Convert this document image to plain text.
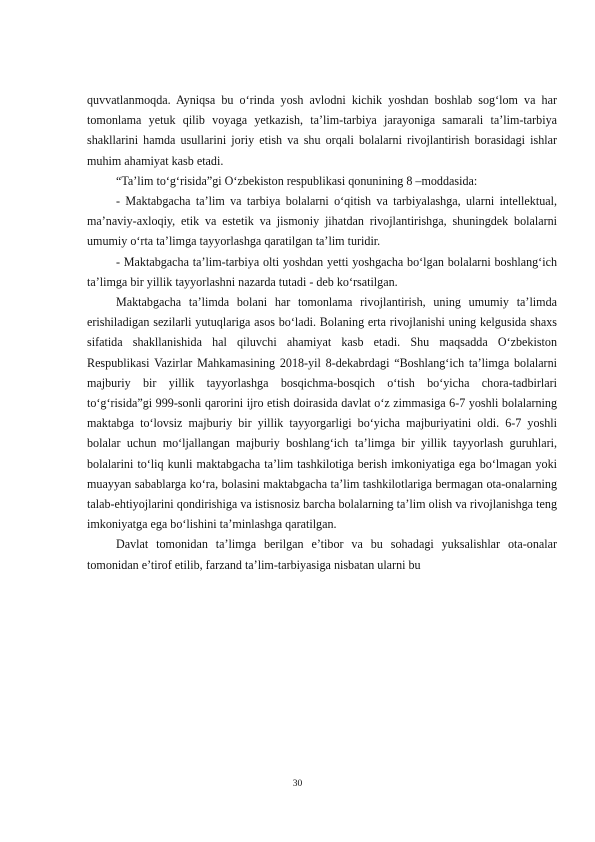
quvvatlanmoqda. Ayniqsa bu o‘rinda yosh avlodni kichik yoshdan boshlab sog‘lom va har tomonlama yetuk qilib voyaga yetkazish, ta’lim-tarbiya jarayoniga samarali ta’lim-tarbiya shakllarini hamda usullarini joriy etish va shu orqali bolalarni rivojlantirish borasidagi ishlar muhim ahamiyat kasb etadi.

“Ta’lim to‘g‘risida”gi O‘zbekiston respublikasi qonunining 8 –moddasida:

- Maktabgacha ta’lim va tarbiya bolalarni o‘qitish va tarbiyalashga, ularni intellektual, ma’naviy-axloqiy, etik va estetik va jismoniy jihatdan rivojlantirishga, shuningdek bolalarni umumiy o‘rta ta’limga tayyorlashga qaratilgan ta’lim turidir.

- Maktabgacha ta’lim-tarbiya olti yoshdan yetti yoshgacha bo‘lgan bolalarni boshlang‘ich ta’limga bir yillik tayyorlashni nazarda tutadi - deb ko‘rsatilgan.

Maktabgacha ta’limda bolani har tomonlama rivojlantirish, uning umumiy ta’limda erishiladigan sezilarli yutuqlariga asos bo‘ladi. Bolaning erta rivojlanishi uning kelgusida shaxs sifatida shakllanishida hal qiluvchi ahamiyat kasb etadi. Shu maqsadda O‘zbekiston Respublikasi Vazirlar Mahkamasining 2018-yil 8-dekabrdagi “Boshlang‘ich ta’limga bolalarni majburiy bir yillik tayyorlashga bosqichma-bosqich o‘tish bo‘yicha chora-tadbirlari to‘g‘risida”gi 999-sonli qarorini ijro etish doirasida davlat o‘z zimmasiga 6-7 yoshli bolalarning maktabga to‘lovsiz majburiy bir yillik tayyorgarligi bo‘yicha majburiyatini oldi. 6-7 yoshli bolalar uchun mo‘ljallangan majburiy boshlang‘ich ta’limga bir yillik tayyorlash guruhlari, bolalarini to‘liq kunli maktabgacha ta’lim tashkilotiga berish imkoniyatiga ega bo‘lmagan yoki muayyan sabablarga ko‘ra, bolasini maktabgacha ta’lim tashkilotlariga bermagan ota-onalarning talab-ehtiyojlarini qondirishiga va istisnosiz barcha bolalarning ta’lim olish va rivojlanishga teng imkoniyatga ega bo‘lishini ta’minlashga qaratilgan.

Davlat tomonidan ta’limga berilgan e’tibor va bu sohadagi yuksalishlar ota-onalar tomonidan e’tirof etilib, farzand ta’lim-tarbiyasiga nisbatan ularni bu

30
